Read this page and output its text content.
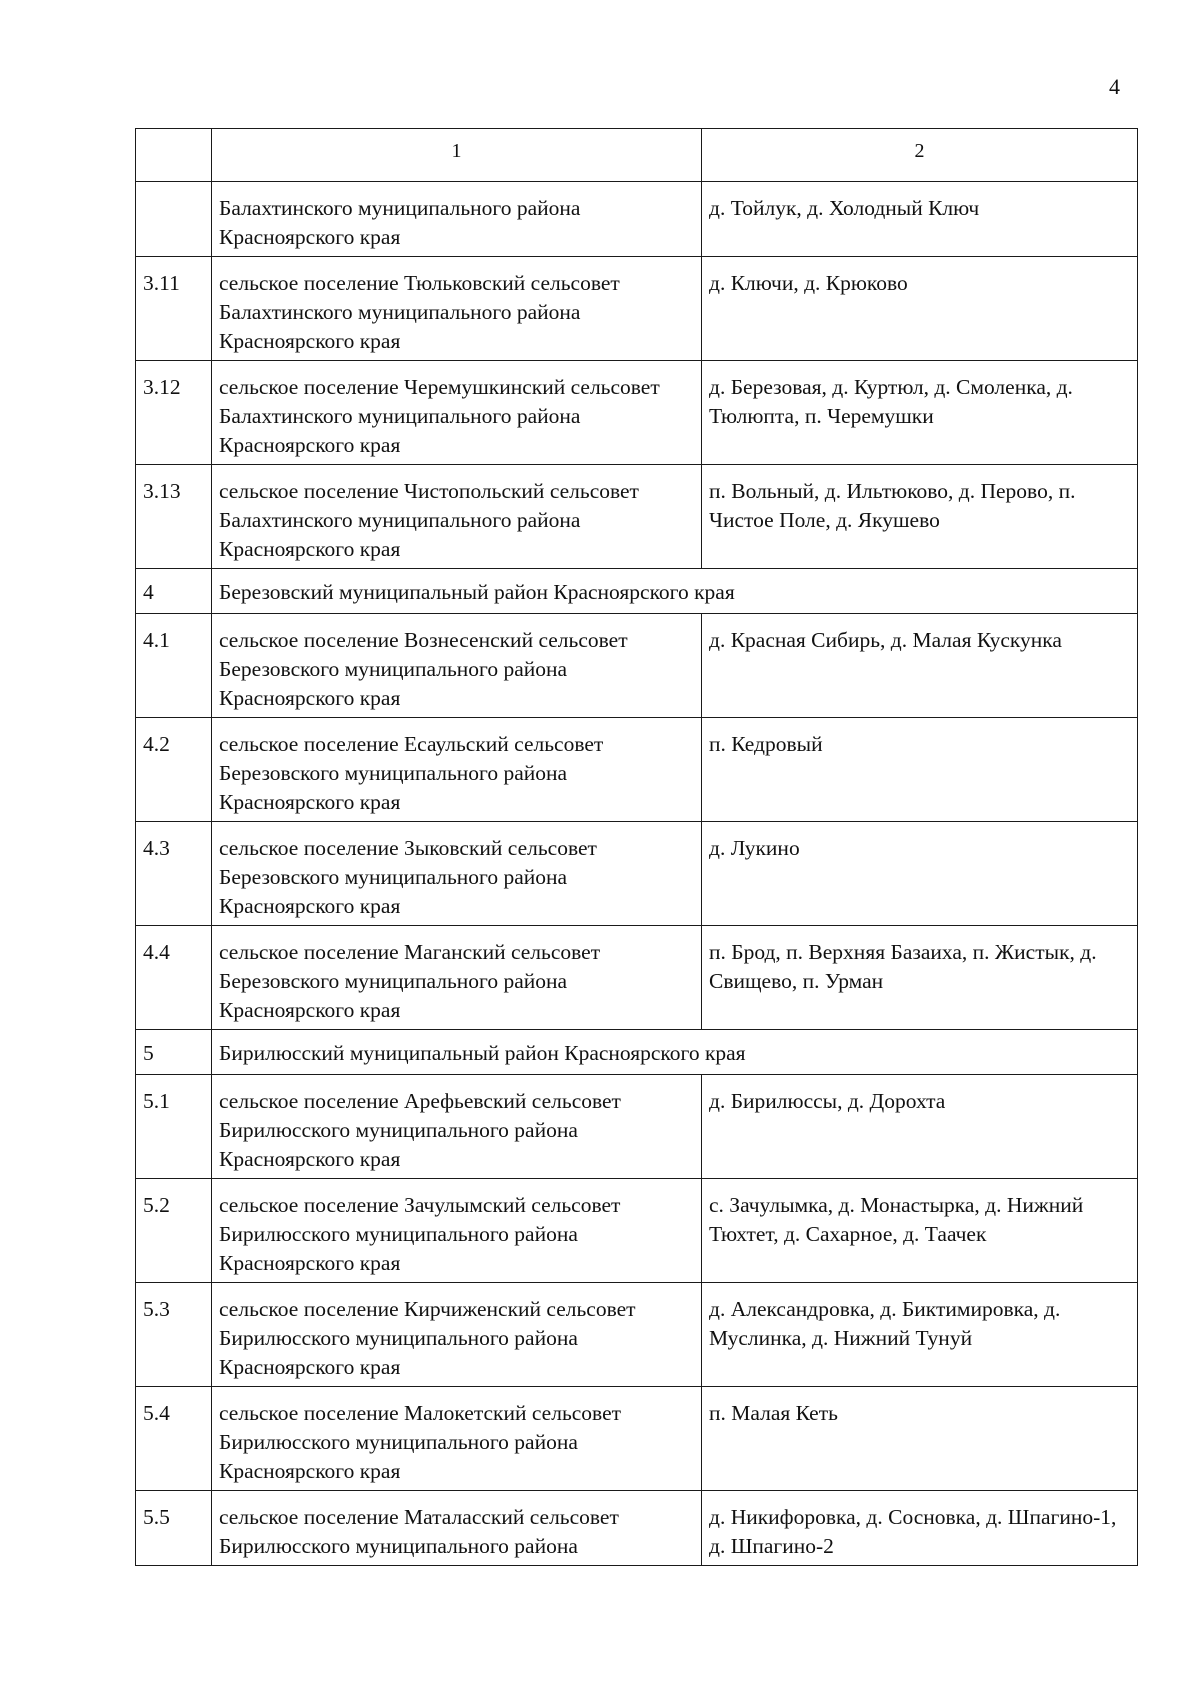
4
	1	2
	Балахтинского муниципального района Красноярского края	д. Тойлук, д. Холодный Ключ
3.11	сельское поселение Тюльковский сельсовет Балахтинского муниципального района Красноярского края	д. Ключи, д. Крюково
3.12	сельское поселение Черемушкинский сельсовет Балахтинского муниципального района Красноярского края	д. Березовая, д. Куртюл, д. Смоленка, д. Тюлюпта, п. Черемушки
3.13	сельское поселение Чистопольский сельсовет Балахтинского муниципального района Красноярского края	п. Вольный, д. Ильтюково, д. Перово, п. Чистое Поле, д. Якушево
4	Березовский муниципальный район Красноярского края	
4.1	сельское поселение Вознесенский сельсовет Березовского муниципального района Красноярского края	д. Красная Сибирь, д. Малая Кускунка
4.2	сельское поселение Есаульский сельсовет Березовского муниципального района Красноярского края	п. Кедровый
4.3	сельское поселение Зыковский сельсовет Березовского муниципального района Красноярского края	д. Лукино
4.4	сельское поселение Маганский сельсовет Березовского муниципального района Красноярского края	п. Брод, п. Верхняя Базаиха, п. Жистык, д. Свищево, п. Урман
5	Бирилюсский муниципальный район Красноярского края	
5.1	сельское поселение Арефьевский сельсовет Бирилюсского муниципального района Красноярского края	д. Бирилюссы, д. Дорохта
5.2	сельское поселение Зачулымский сельсовет Бирилюсского муниципального района Красноярского края	с. Зачулымка, д. Монастырка, д. Нижний Тюхтет, д. Сахарное, д. Таачек
5.3	сельское поселение Кирчиженский сельсовет Бирилюсского муниципального района Красноярского края	д. Александровка, д. Биктимировка, д. Муслинка, д. Нижний Тунуй
5.4	сельское поселение Малокетский сельсовет Бирилюсского муниципального района Красноярского края	п. Малая Кеть
5.5	сельское поселение Маталасский сельсовет Бирилюсского муниципального района	д. Никифоровка, д. Сосновка, д. Шпагино-1, д. Шпагино-2
